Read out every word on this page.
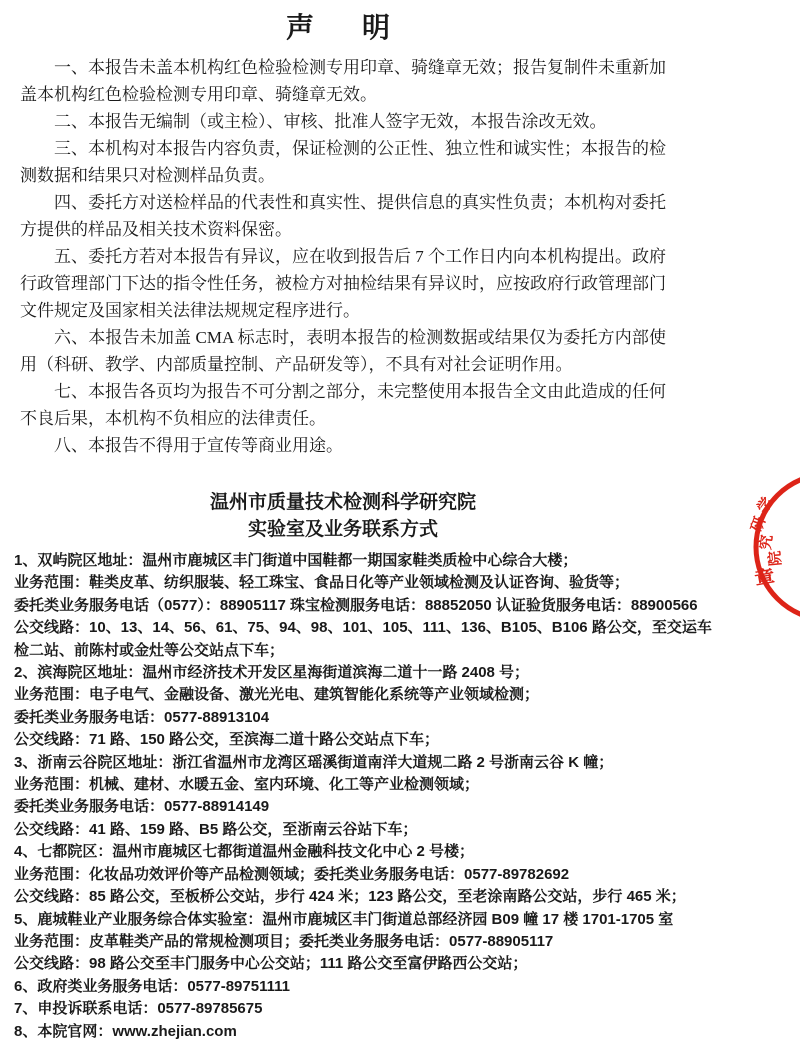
声　明

一、本报告未盖本机构红色检验检测专用印章、骑缝章无效；报告复制件未重新加盖本机构红色检验检测专用印章、骑缝章无效。

二、本报告无编制（或主检）、审核、批准人签字无效，本报告涂改无效。

三、本机构对本报告内容负责，保证检测的公正性、独立性和诚实性；本报告的检测数据和结果只对检测样品负责。

四、委托方对送检样品的代表性和真实性、提供信息的真实性负责；本机构对委托方提供的样品及相关技术资料保密。

五、委托方若对本报告有异议，应在收到报告后 7 个工作日内向本机构提出。政府行政管理部门下达的指令性任务，被检方对抽检结果有异议时，应按政府行政管理部门文件规定及国家相关法律法规规定程序进行。

六、本报告未加盖 CMA 标志时，表明本报告的检测数据或结果仅为委托方内部使用（科研、教学、内部质量控制、产品研发等），不具有对社会证明作用。

七、本报告各页均为报告不可分割之部分，未完整使用本报告全文由此造成的任何不良后果，本机构不负相应的法律责任。

八、本报告不得用于宣传等商业用途。

温州市质量技术检测科学研究院
实验室及业务联系方式
1、双屿院区地址：温州市鹿城区丰门街道中国鞋都一期国家鞋类质检中心综合大楼；
业务范围：鞋类皮革、纺织服装、轻工珠宝、食品日化等产业领域检测及认证咨询、验货等；
委托类业务服务电话（0577）：88905117 珠宝检测服务电话：88852050 认证验货服务电话：88900566
公交线路：10、13、14、56、61、75、94、98、101、105、111、136、B105、B106 路公交，至交运车
检二站、前陈村或金灶等公交站点下车；
2、滨海院区地址：温州市经济技术开发区星海街道滨海二道十一路 2408 号；
业务范围：电子电气、金融设备、激光光电、建筑智能化系统等产业领域检测；
委托类业务服务电话：0577-88913104
公交线路：71 路、150 路公交，至滨海二道十路公交站点下车；
3、浙南云谷院区地址：浙江省温州市龙湾区瑶溪街道南洋大道规二路 2 号浙南云谷 K 幢；
业务范围：机械、建材、水暖五金、室内环境、化工等产业检测领域；
委托类业务服务电话：0577-88914149
公交线路：41 路、159 路、B5 路公交，至浙南云谷站下车；
4、七都院区：温州市鹿城区七都街道温州金融科技文化中心 2 号楼；
业务范围：化妆品功效评价等产品检测领域；委托类业务服务电话：0577-89782692
公交线路：85 路公交，至板桥公交站，步行 424 米；123 路公交，至老涂南路公交站，步行 465 米；
5、鹿城鞋业产业服务综合体实验室：温州市鹿城区丰门街道总部经济园 B09 幢 17 楼 1701-1705 室
业务范围：皮革鞋类产品的常规检测项目；委托类业务服务电话：0577-88905117
公交线路：98 路公交至丰门服务中心公交站；111 路公交至富伊路西公交站；
6、政府类业务服务电话：0577-89751111
7、申投诉联系电话：0577-89785675
8、本院官网：www.zhejian.com
学
研
究
院
章
